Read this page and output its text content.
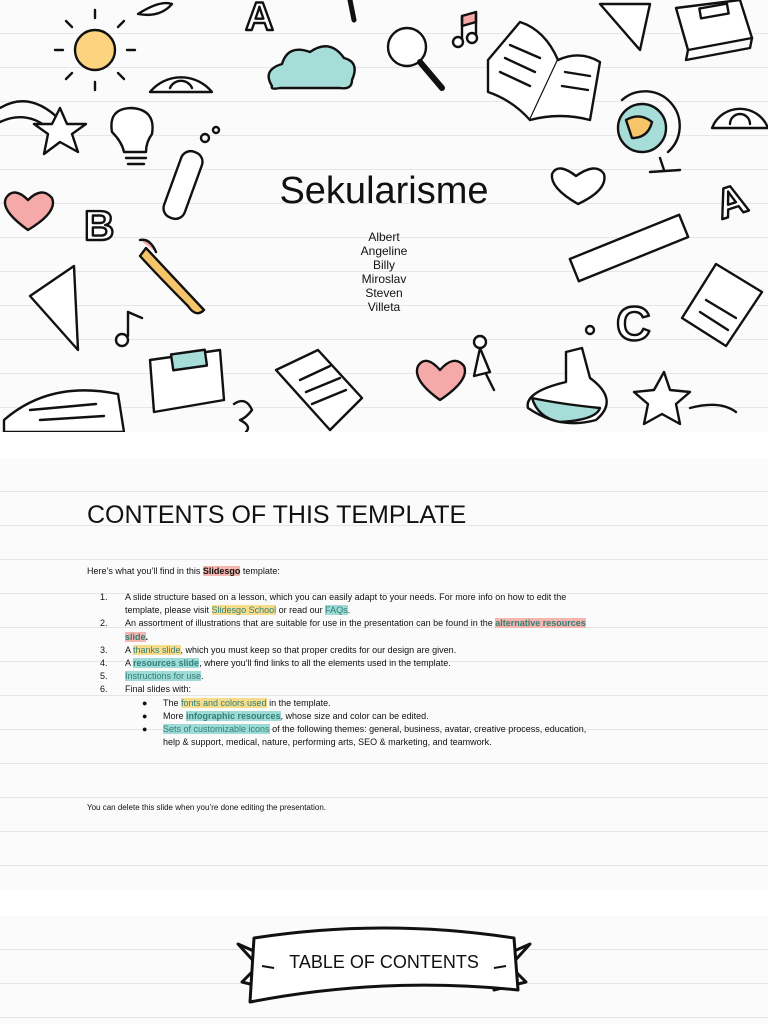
A
B	A
C
Sekularisme
Albert
Angeline
Billy
Miroslav
Steven
Villeta
CONTENTS OF THIS TEMPLATE
Here’s what you’ll find in this Slidesgo template:
1. A slide structure based on a lesson, which you can easily adapt to your needs. For more info on how to edit the template, please visit Slidesgo School or read our FAQs.
2. An assortment of illustrations that are suitable for use in the presentation can be found in the alternative resources slide.
3. A thanks slide, which you must keep so that proper credits for our design are given.
4. A resources slide, where you’ll find links to all the elements used in the template.
5. Instructions for use.
6. Final slides with:
● The fonts and colors used in the template.
● More infographic resources, whose size and color can be edited.
● Sets of customizable icons of the following themes: general, business, avatar, creative process, education, help & support, medical, nature, performing arts, SEO & marketing, and teamwork.
You can delete this slide when you’re done editing the presentation.
TABLE OF CONTENTS
